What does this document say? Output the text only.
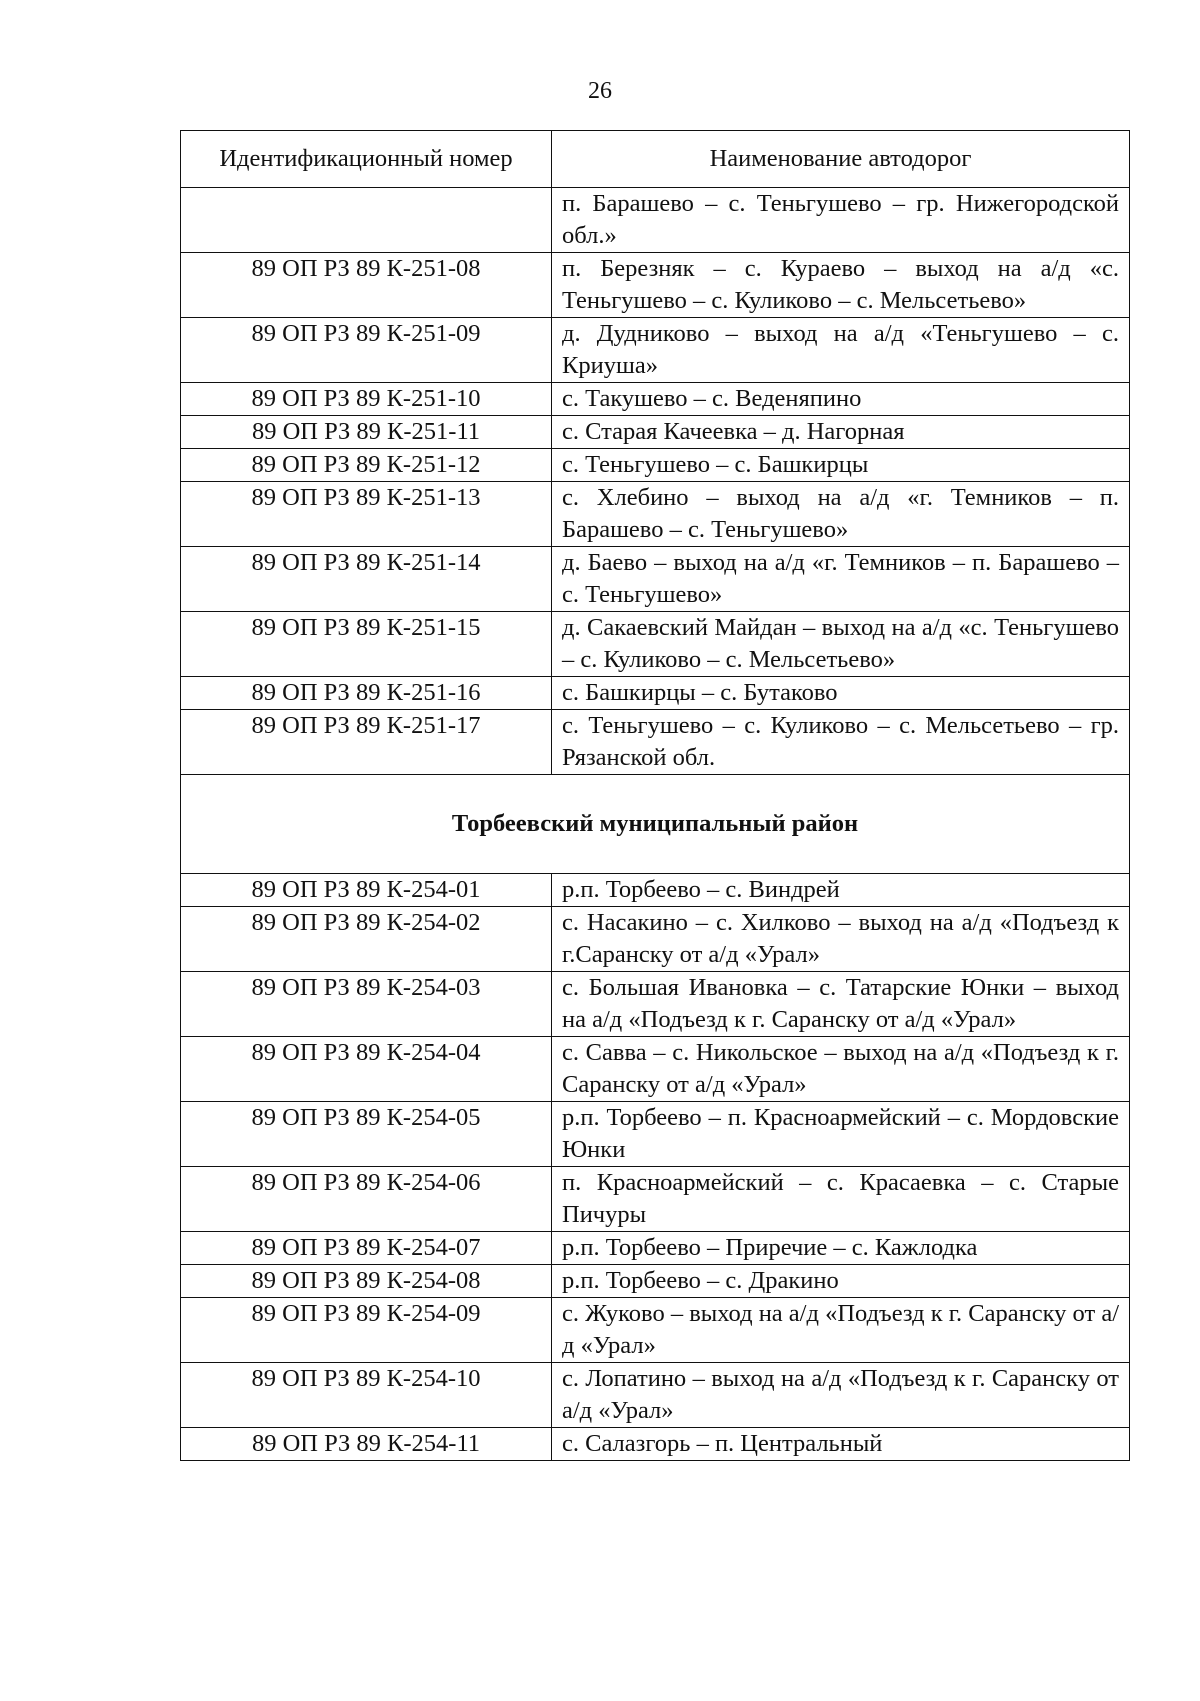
26
Идентификационный номер	Наименование автодорог
	п. Барашево – с. Теньгушево – гр. Нижегородской обл.»
89 ОП РЗ 89 К-251-08	п. Березняк – с. Кураево – выход на а/д «с. Теньгушево – с. Куликово – с. Мельсетьево»
89 ОП РЗ 89 К-251-09	д. Дудниково – выход на а/д «Теньгушево – с. Криуша»
89 ОП РЗ 89 К-251-10	с. Такушево – с. Веденяпино
89 ОП РЗ 89 К-251-11	с. Старая Качеевка – д. Нагорная
89 ОП РЗ 89 К-251-12	с. Теньгушево – с. Башкирцы
89 ОП РЗ 89 К-251-13	с. Хлебино – выход на а/д «г. Темников – п. Барашево – с. Теньгушево»
89 ОП РЗ 89 К-251-14	д. Баево – выход на а/д «г. Темников – п. Барашево – с. Теньгушево»
89 ОП РЗ 89 К-251-15	д. Сакаевский Майдан – выход на а/д «с. Теньгушево – с. Куликово – с. Мельсетьево»
89 ОП РЗ 89 К-251-16	с. Башкирцы – с. Бутаково
89 ОП РЗ 89 К-251-17	с. Теньгушево – с. Куликово – с. Мельсетьево – гр. Рязанской обл.
Торбеевский муниципальный район	
89 ОП РЗ 89 К-254-01	р.п. Торбеево – с. Виндрей
89 ОП РЗ 89 К-254-02	с. Насакино – с. Хилково – выход на а/д «Подъезд к г.Саранску от а/д «Урал»
89 ОП РЗ 89 К-254-03	с. Большая Ивановка – с. Татарские Юнки – выход на а/д «Подъезд к г. Саранску от а/д «Урал»
89 ОП РЗ 89 К-254-04	с. Савва – с. Никольское – выход на а/д «Подъезд к г. Саранску от а/д «Урал»
89 ОП РЗ 89 К-254-05	р.п. Торбеево – п. Красноармейский – с. Мордовские Юнки
89 ОП РЗ 89 К-254-06	п. Красноармейский – с. Красаевка – с. Старые Пичуры
89 ОП РЗ 89 К-254-07	р.п. Торбеево – Приречие – с. Кажлодка
89 ОП РЗ 89 К-254-08	р.п. Торбеево – с. Дракино
89 ОП РЗ 89 К-254-09	с. Жуково – выход на а/д «Подъезд к г. Саранску от а/д «Урал»
89 ОП РЗ 89 К-254-10	с. Лопатино – выход на а/д «Подъезд к г. Саранску от а/д «Урал»
89 ОП РЗ 89 К-254-11	с. Салазгорь – п. Центральный
